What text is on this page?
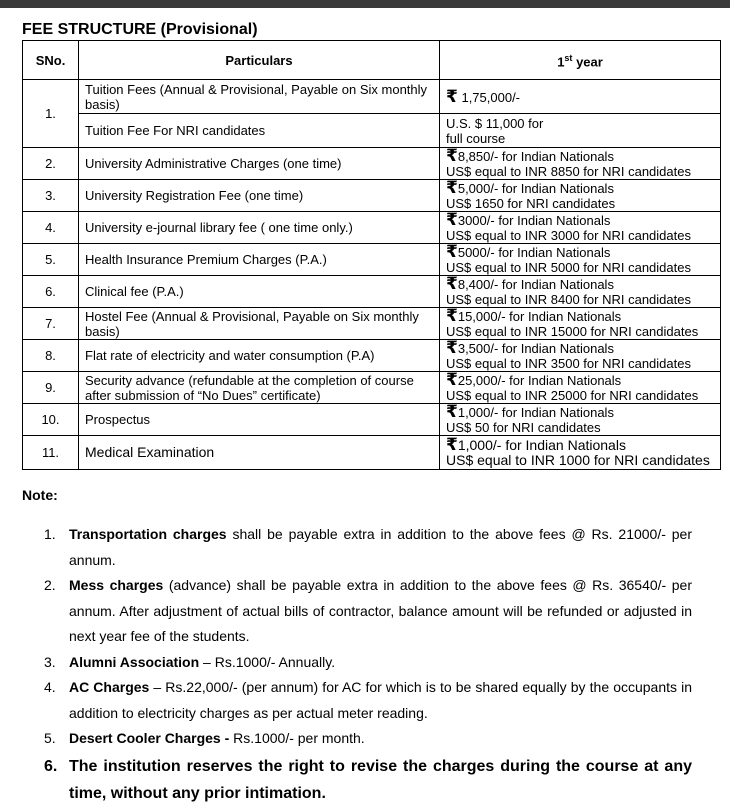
FEE STRUCTURE (Provisional)
SNo.	Particulars	1st year
1.	Tuition Fees (Annual & Provisional, Payable on Six monthly basis)	₹ 1,75,000/-
	Tuition Fee For NRI candidates	U.S. $ 11,000 for
full course
2.	University Administrative Charges (one time)	₹8,850/- for Indian Nationals
US$ equal to INR 8850 for NRI candidates
3.	University Registration Fee (one time)	₹5,000/- for Indian Nationals
US$ 1650 for NRI candidates
4.	University e-journal library fee ( one time only.)	₹3000/- for Indian Nationals
US$ equal to INR 3000 for NRI candidates
5.	Health Insurance Premium Charges (P.A.)	₹5000/- for Indian Nationals
US$ equal to INR 5000 for NRI candidates
6.	Clinical fee (P.A.)	₹8,400/- for Indian Nationals
US$ equal to INR 8400 for NRI candidates
7.	Hostel Fee (Annual & Provisional, Payable on Six monthly basis)	₹15,000/- for Indian Nationals
US$ equal to INR 15000 for NRI candidates
8.	Flat rate of electricity and water consumption (P.A)	₹3,500/- for Indian Nationals
US$ equal to INR 3500 for NRI candidates
9.	Security advance (refundable at the completion of course after submission of “No Dues” certificate)	₹25,000/- for Indian Nationals
US$ equal to INR 25000 for NRI candidates
10.	Prospectus	₹1,000/- for Indian Nationals
US$ 50 for NRI candidates
11.	Medical Examination	₹1,000/- for Indian Nationals
US$ equal to INR 1000 for NRI candidates
Note:
1. Transportation charges shall be payable extra in addition to the above fees @ Rs. 21000/- per annum.
2. Mess charges (advance) shall be payable extra in addition to the above fees @ Rs. 36540/- per annum. After adjustment of actual bills of contractor, balance amount will be refunded or adjusted in next year fee of the students.
3. Alumni Association – Rs.1000/- Annually.
4. AC Charges – Rs.22,000/- (per annum) for AC for which is to be shared equally by the occupants in addition to electricity charges as per actual meter reading.
5. Desert Cooler Charges - Rs.1000/- per month.
6. The institution reserves the right to revise the charges during the course at any time, without any prior intimation.
